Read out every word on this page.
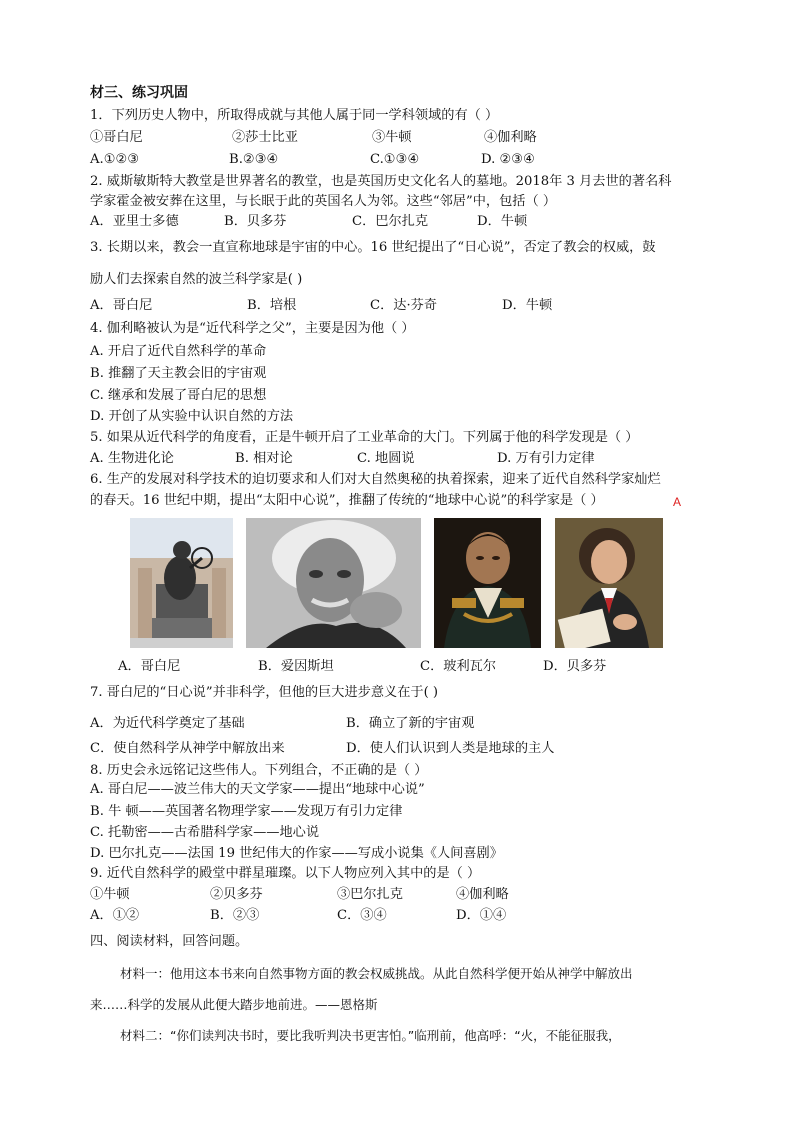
材三、练习巩固
1．下列历史人物中，所取得成就与其他人属于同一学科领域的有（ ）
①哥白尼	②莎士比亚	③牛顿	④伽利略
A.①②③	B.②③④	C.①③④	D. ②③④
2. 威斯敏斯特大教堂是世界著名的教堂，也是英国历史文化名人的墓地。2018年 3 月去世的著名科
学家霍金被安葬在这里，与长眠于此的英国名人为邻。这些“邻居”中，包括（ ）
A．亚里士多德	B．贝多芬	C．巴尔扎克	D．牛顿
3. 长期以来，教会一直宣称地球是宇宙的中心。16 世纪提出了“日心说”，否定了教会的权威，鼓
励人们去探索自然的波兰科学家是( )
A．哥白尼	B．培根	C．达·芬奇	D．牛顿
4. 伽利略被认为是“近代科学之父”，主要是因为他（ ）
A. 开启了近代自然科学的革命
B. 推翻了天主教会旧的宇宙观
C. 继承和发展了哥白尼的思想
D. 开创了从实验中认识自然的方法
5. 如果从近代科学的角度看，正是牛顿开启了工业革命的大门。下列属于他的科学发现是（ ）
A. 生物进化论	B. 相对论	C. 地圆说	D. 万有引力定律
6. 生产的发展对科学技术的迫切要求和人们对大自然奥秘的执着探索，迎来了近代自然科学家灿烂
的春天。16 世纪中期，提出“太阳中心说”，推翻了传统的“地球中心说”的科学家是（ ）	A
A．哥白尼	B．爱因斯坦	C．玻利瓦尔	D．贝多芬
7. 哥白尼的“日心说”并非科学，但他的巨大进步意义在于( )
A．为近代科学奠定了基础	B．确立了新的宇宙观
C．使自然科学从神学中解放出来	D．使人们认识到人类是地球的主人
8. 历史会永远铭记这些伟人。下列组合，不正确的是（ ）
A. 哥白尼——波兰伟大的天文学家——提出“地球中心说”
B. 牛 顿——英国著名物理学家——发现万有引力定律
C. 托勒密——古希腊科学家——地心说
D. 巴尔扎克——法国 19 世纪伟大的作家——写成小说集《人间喜剧》
9. 近代自然科学的殿堂中群星璀璨。以下人物应列入其中的是（ ）
①牛顿	②贝多芬	③巴尔扎克	④伽利略
A．①②	B．②③	C．③④	D．①④
四、阅读材料，回答问题。
材料一：他用这本书来向自然事物方面的教会权威挑战。从此自然科学便开始从神学中解放出
来……科学的发展从此便大踏步地前进。——恩格斯
材料二：“你们读判决书时，要比我听判决书更害怕。”临刑前，他高呼：“火，不能征服我，
